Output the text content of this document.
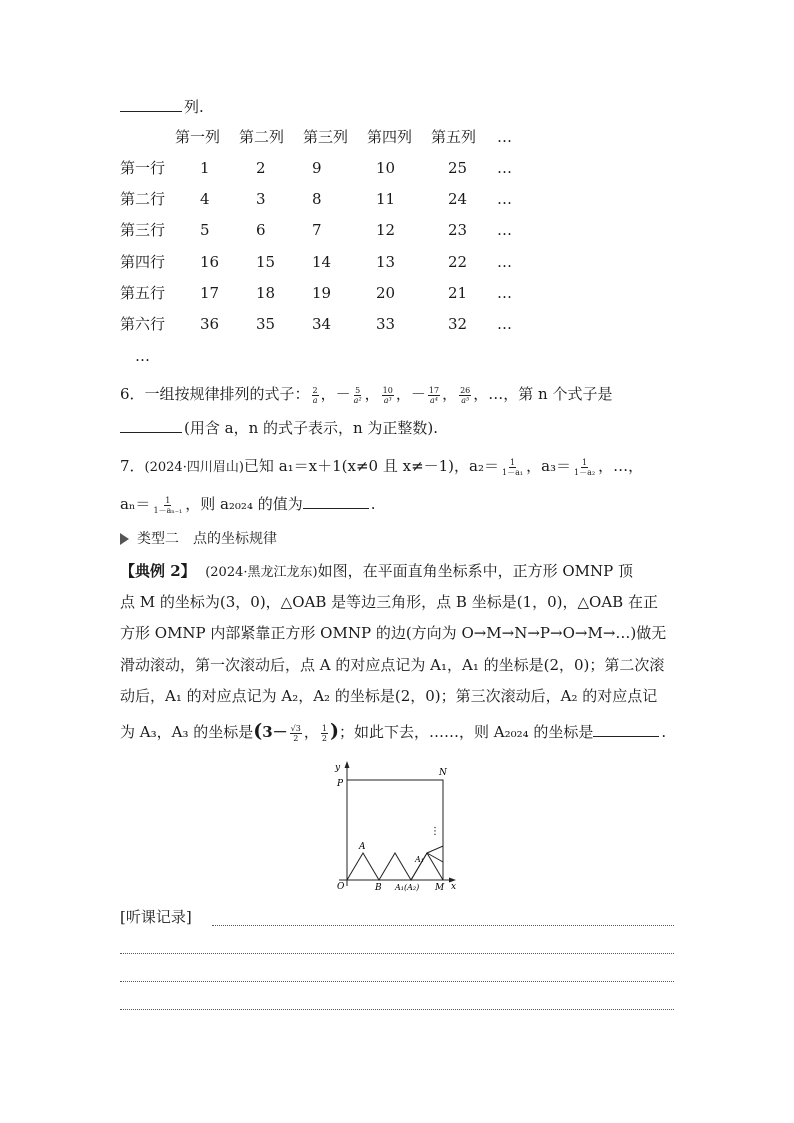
列.
第一列 第二列 第三列 第四列 第五列 …
第一行 1	2	9	10	25 …
第二行 4	3	8	11	24 …
第三行 5	6	7	12	23 …
第四行 16 15 14	13	22 …
第五行 17 18 19	20	21 …
第六行 36 35 34	33	32 …
…
6．一组按规律排列的式子： $\frac{2}{a}$ ，－ $\frac{5}{\text{a²}}$ ， $\frac{10}{\text{a³}}$ ，－ $\frac{17}{\text{a⁴}}$ ， $\frac{26}{\text{a⁵}}$ ，…，第 n 个式子是
(用含 a，n 的式子表示，n 为正整数).
7．(2024·四川眉山)已知 a₁＝x＋1(x≠0 且 x≠－1)，$a_2= \frac{1}{\text{1－a₁}}$ ，$a_3= \frac{1}{\text{1－a₂}}$ ，…，
$a_n= \frac{1}{\text{1－aₙ₋₁}}$ ，则 a₂₀₂₄ 的值为	.
类型二　点的坐标规律
【典例 2】 (2024·黑龙江龙东)如图，在平面直角坐标系中，正方形 OMNP 顶
点 M 的坐标为(3，0)，△OAB 是等边三角形，点 B 坐标是(1，0)，△OAB 在正
方形 OMNP 内部紧靠正方形 OMNP 的边(方向为 O→M→N→P→O→M→…)做无
滑动滚动，第一次滚动后，点 A 的对应点记为 A₁，A₁ 的坐标是(2，0)；第二次滚
动后，A₁ 的对应点记为 A₂，A₂ 的坐标是(2，0)；第三次滚动后，A₂ 的对应点记
为 A₃，A₃ 的坐标是($3- \frac{√3}{2}$ ， $\frac{1}{2}$ )；如此下去，……，则 A₂₀₂₄ 的坐标是	.
y
P
N
O
A
B
A₁
A₁(A₂) M x
⋮
[听课记录]
